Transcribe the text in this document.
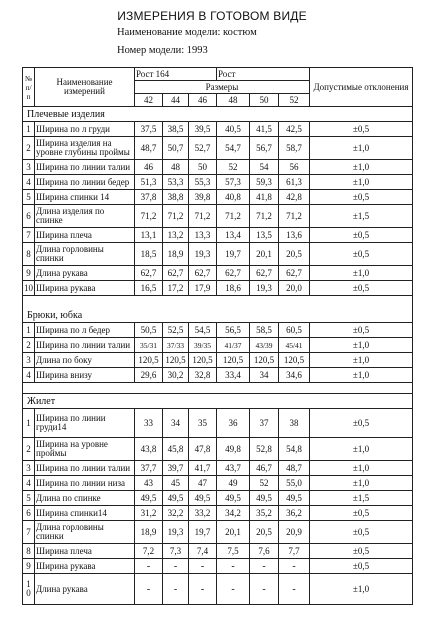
ИЗМЕРЕНИЯ В ГОТОВОМ ВИДЕ
Наименование модели: костюм
Номер модели: 1993
№ п/ п	Наименование измерений	Рост 164			Рост			Допустимые отклонения
		Размеры						
		42	44	46	48	50	52	
Плечевые изделия								
1	Ширина по л груди	37,5	38,5	39,5	40,5	41,5	42,5	±0,5
2	Ширина изделия на уровне глубины проймы	48,7	50,7	52,7	54,7	56,7	58,7	±1,0
3	Ширина по линии талии	46	48	50	52	54	56	±1,0
4	Ширина по линии бедер	51,3	53,3	55,3	57,3	59,3	61,3	±1,0
5	Ширина спинки 14	37,8	38,8	39,8	40,8	41,8	42,8	±0,5
6	Длина изделия по спинке	71,2	71,2	71,2	71,2	71,2	71,2	±1,5
7	Ширина плеча	13,1	13,2	13,3	13,4	13,5	13,6	±0,5
8	Длина горловины спинки	18,5	18,9	19,3	19,7	20,1	20,5	±0,5
9	Длина рукава	62,7	62,7	62,7	62,7	62,7	62,7	±1,0
10	Ширина рукава	16,5	17,2	17,9	18,6	19,3	20,0	±0,5
Брюки, юбка								
1	Ширина по л бедер	50,5	52,5	54,5	56,5	58,5	60,5	±0,5
2	Ширина по линии талии	35/31	37/33	39/35	41/37	43/39	45/41	±1,0
3	Длина по боку	120,5	120,5	120,5	120,5	120,5	120,5	±1,0
4	Ширина внизу	29,6	30,2	32,8	33,4	34	34,6	±1,0

Жилет								
1	Ширина по линии груди14	33	34	35	36	37	38	±0,5
2	Ширина на уровне проймы	43,8	45,8	47,8	49,8	52,8	54,8	±1,0
3	Ширина по линии талии	37,7	39,7	41,7	43,7	46,7	48,7	±1,0
4	Ширина по линии низа	43	45	47	49	52	55,0	±1,0
5	Длина по спинке	49,5	49,5	49,5	49,5	49,5	49,5	±1,5
6	Ширина спинки14	31,2	32,2	33,2	34,2	35,2	36,2	±0,5
7	Длина горловины спинки	18,9	19,3	19,7	20,1	20,5	20,9	±0,5
8	Ширина плеча	7,2	7,3	7,4	7,5	7,6	7,7	±0,5
9	Ширина рукава	-	-	-	-	-	-	±0,5
1 0	Длина рукава	-	-	-	-	-	-	±1,0
